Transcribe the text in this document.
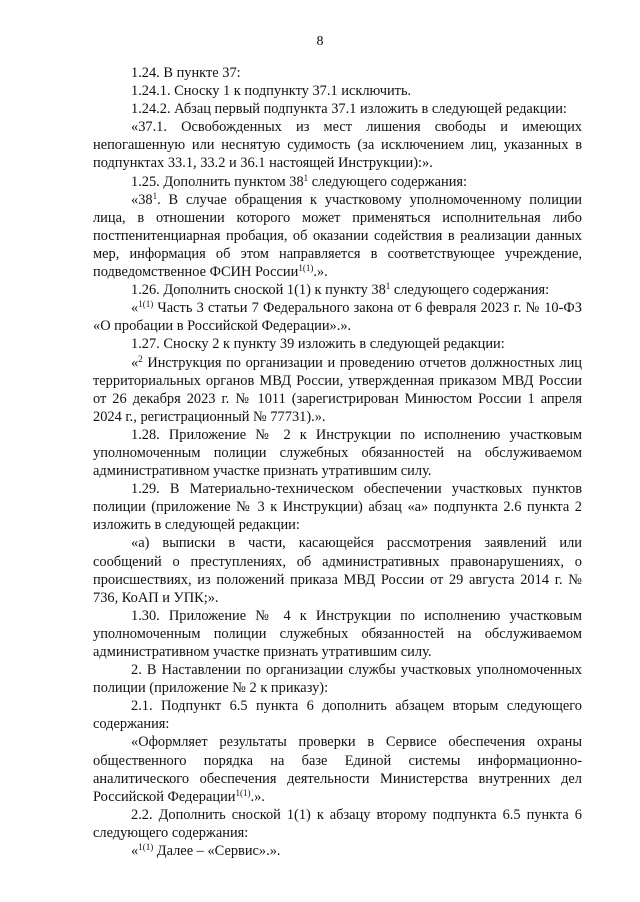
8

1.24. В пункте 37:

1.24.1. Сноску 1 к подпункту 37.1 исключить.

1.24.2. Абзац первый подпункта 37.1 изложить в следующей редакции:

«37.1. Освобожденных из мест лишения свободы и имеющих непогашенную или неснятую судимость (за исключением лиц, указанных в подпунктах 33.1, 33.2 и 36.1 настоящей Инструкции):».

1.25. Дополнить пунктом $38^1$ следующего содержания:

«$38^1$. В случае обращения к участковому уполномоченному полиции лица, в отношении которого может применяться исполнительная либо постпенитенциарная пробация, об оказании содействия в реализации данных мер, информация об этом направляется в соответствующее учреждение, подведомственное ФСИН России$^{1(1)}$.».

1.26. Дополнить сноской 1(1) к пункту $38^1$ следующего содержания:

«$^{1(1)}$ Часть 3 статьи 7 Федерального закона от 6 февраля 2023 г. № 10-ФЗ «О пробации в Российской Федерации».».

1.27. Сноску 2 к пункту 39 изложить в следующей редакции:

«$^2$ Инструкция по организации и проведению отчетов должностных лиц территориальных органов МВД России, утвержденная приказом МВД России от 26 декабря 2023 г. № 1011 (зарегистрирован Минюстом России 1 апреля 2024 г., регистрационный № 77731).».

1.28. Приложение № 2 к Инструкции по исполнению участковым уполномоченным полиции служебных обязанностей на обслуживаемом административном участке признать утратившим силу.

1.29. В Материально-техническом обеспечении участковых пунктов полиции (приложение № 3 к Инструкции) абзац «а» подпункта 2.6 пункта 2 изложить в следующей редакции:

«а) выписки в части, касающейся рассмотрения заявлений или сообщений о преступлениях, об административных правонарушениях, о происшествиях, из положений приказа МВД России от 29 августа 2014 г. № 736, КоАП и УПК;».

1.30. Приложение № 4 к Инструкции по исполнению участковым уполномоченным полиции служебных обязанностей на обслуживаемом административном участке признать утратившим силу.

2. В Наставлении по организации службы участковых уполномоченных полиции (приложение № 2 к приказу):

2.1. Подпункт 6.5 пункта 6 дополнить абзацем вторым следующего содержания:

«Оформляет результаты проверки в Сервисе обеспечения охраны общественного порядка на базе Единой системы информационно-аналитического обеспечения деятельности Министерства внутренних дел Российской Федерации$^{1(1)}$.».

2.2. Дополнить сноской 1(1) к абзацу второму подпункта 6.5 пункта 6 следующего содержания:

«$^{1(1)}$ Далее – «Сервис».».
